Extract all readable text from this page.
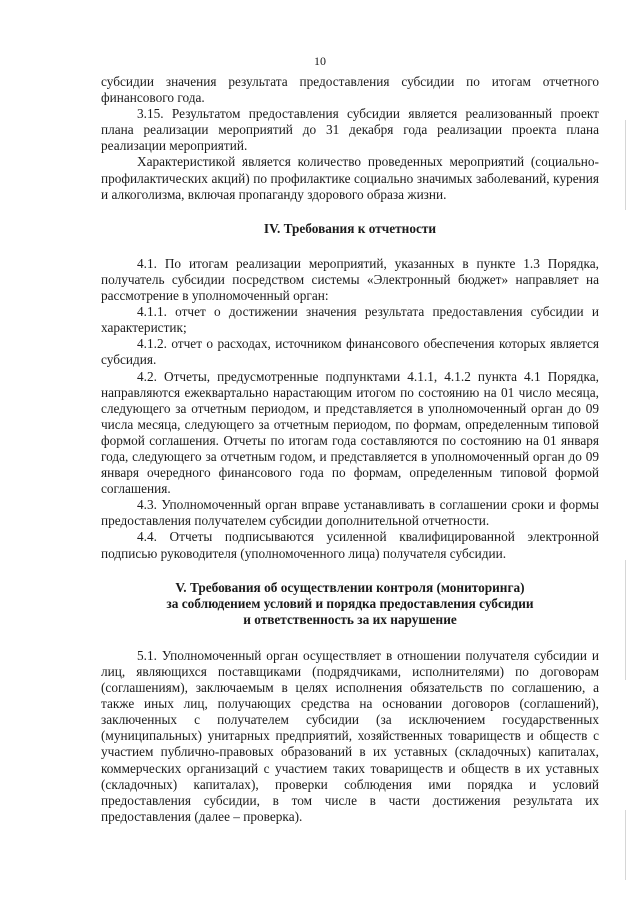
10

субсидии значения результата предоставления субсидии по итогам отчетного финансового года.

3.15. Результатом предоставления субсидии является реализованный проект плана реализации мероприятий до 31 декабря года реализации проекта плана реализации мероприятий.

Характеристикой является количество проведенных мероприятий (социально-профилактических акций) по профилактике социально значимых заболеваний, курения и алкоголизма, включая пропаганду здорового образа жизни.

IV. Требования к отчетности

4.1. По итогам реализации мероприятий, указанных в пункте 1.3 Порядка, получатель субсидии посредством системы «Электронный бюджет» направляет на рассмотрение в уполномоченный орган:

4.1.1. отчет о достижении значения результата предоставления субсидии и характеристик;

4.1.2. отчет о расходах, источником финансового обеспечения которых является субсидия.

4.2. Отчеты, предусмотренные подпунктами 4.1.1, 4.1.2 пункта 4.1 Порядка, направляются ежеквартально нарастающим итогом по состоянию на 01 число месяца, следующего за отчетным периодом, и представляется в уполномоченный орган до 09 числа месяца, следующего за отчетным периодом, по формам, определенным типовой формой соглашения. Отчеты по итогам года составляются по состоянию на 01 января года, следующего за отчетным годом, и представляется в уполномоченный орган до 09 января очередного финансового года по формам, определенным типовой формой соглашения.

4.3. Уполномоченный орган вправе устанавливать в соглашении сроки и формы предоставления получателем субсидии дополнительной отчетности.

4.4. Отчеты подписываются усиленной квалифицированной электронной подписью руководителя (уполномоченного лица) получателя субсидии.

V. Требования об осуществлении контроля (мониторинга)
за соблюдением условий и порядка предоставления субсидии
и ответственность за их нарушение

5.1. Уполномоченный орган осуществляет в отношении получателя субсидии и лиц, являющихся поставщиками (подрядчиками, исполнителями) по договорам (соглашениям), заключаемым в целях исполнения обязательств по соглашению, а также иных лиц, получающих средства на основании договоров (соглашений), заключенных с получателем субсидии (за исключением государственных (муниципальных) унитарных предприятий, хозяйственных товариществ и обществ с участием публично-правовых образований в их уставных (складочных) капиталах, коммерческих организаций с участием таких товариществ и обществ в их уставных (складочных) капиталах), проверки соблюдения ими порядка и условий предоставления субсидии, в том числе в части достижения результата их предоставления (далее – проверка).
